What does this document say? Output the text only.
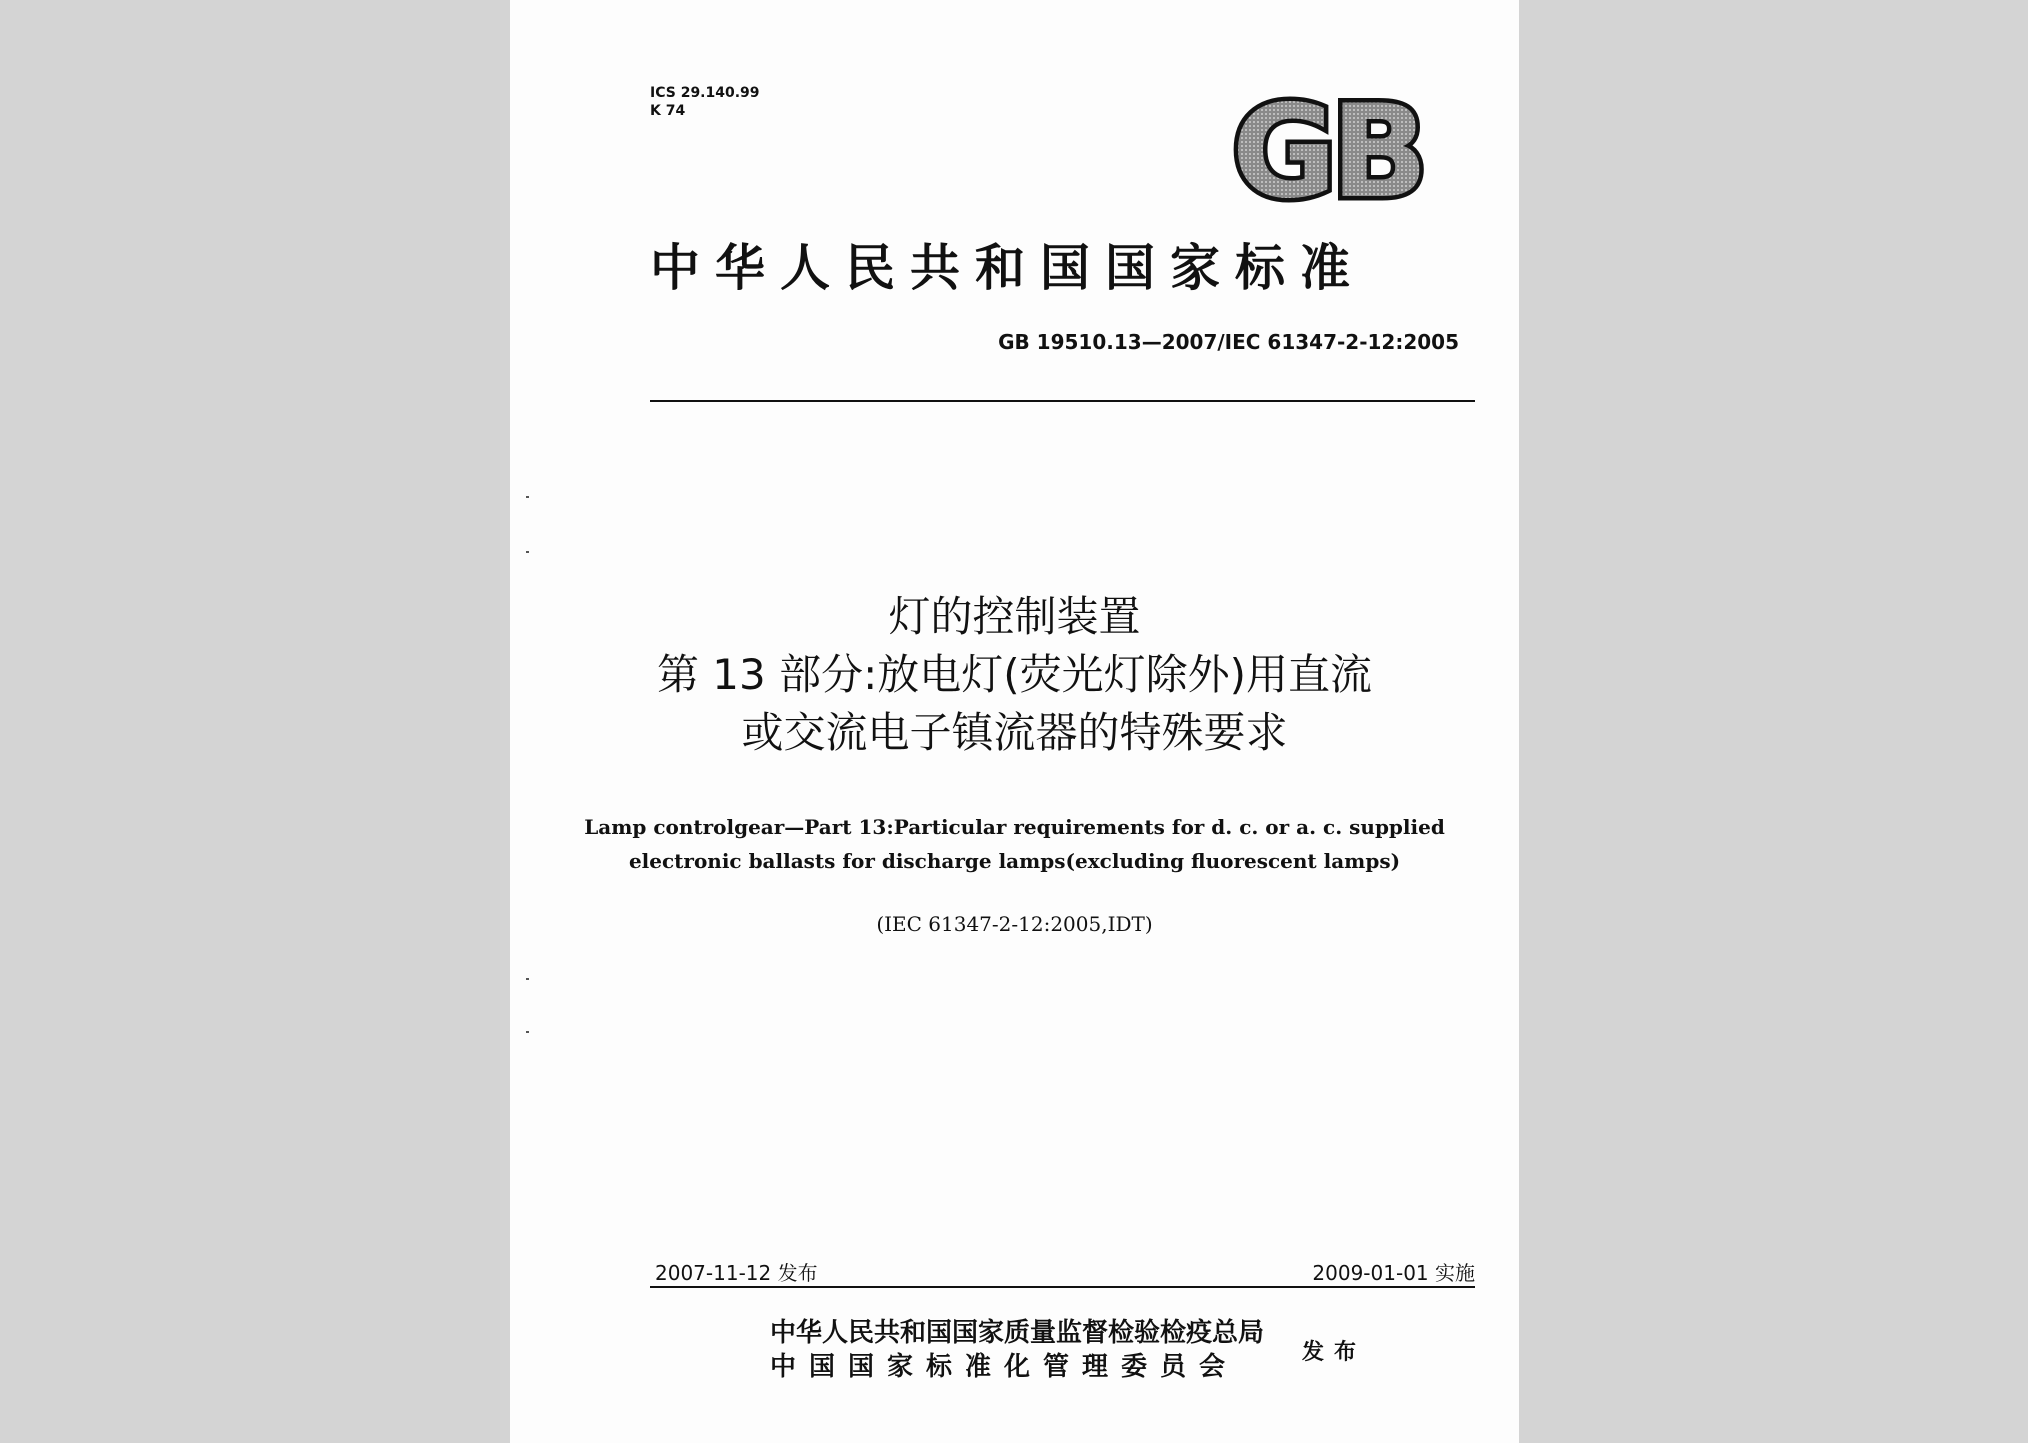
ICS 29.140.99
K 74	GB
中华人民共和国国家标准
GB 19510.13—2007/IEC 61347-2-12:2005
灯的控制装置
第 13 部分:放电灯(荧光灯除外)用直流
或交流电子镇流器的特殊要求
Lamp controlgear—Part 13:Particular requirements for d. c. or a. c. supplied
electronic ballasts for discharge lamps(excluding fluorescent lamps)
(IEC 61347-2-12:2005,IDT)
2007-11-12 发布	2009-01-01 实施
中华人民共和国国家质量监督检验检疫总局
中国国家标准化管理委员会	发布
